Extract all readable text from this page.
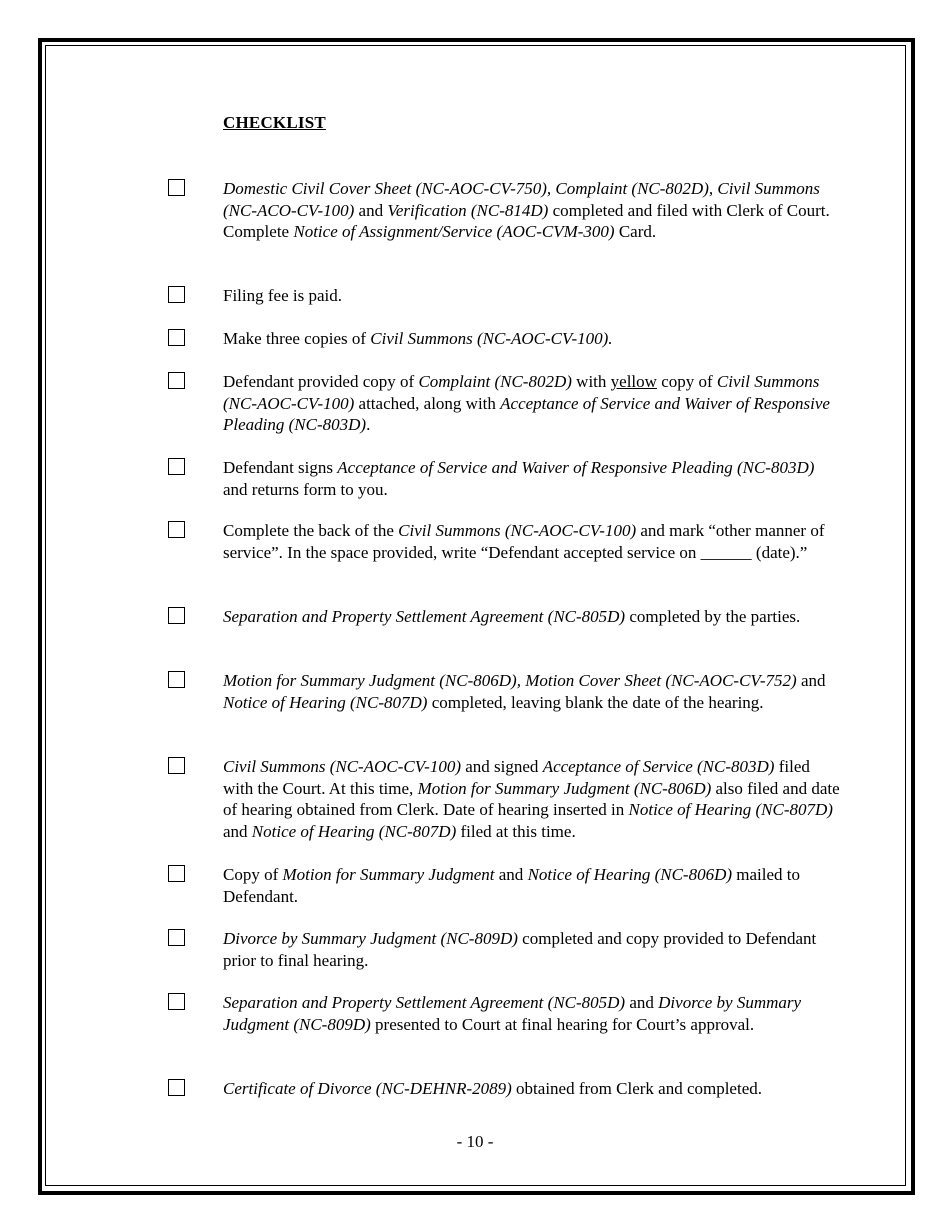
CHECKLIST
Domestic Civil Cover Sheet (NC-AOC-CV-750), Complaint (NC-802D), Civil Summons (NC-ACO-CV-100) and Verification (NC-814D) completed and filed with Clerk of Court. Complete Notice of Assignment/Service (AOC-CVM-300) Card.
Filing fee is paid.
Make three copies of Civil Summons (NC-AOC-CV-100).
Defendant provided copy of Complaint (NC-802D) with yellow copy of Civil Summons (NC-AOC-CV-100) attached, along with Acceptance of Service and Waiver of Responsive Pleading (NC-803D).
Defendant signs Acceptance of Service and Waiver of Responsive Pleading (NC-803D) and returns form to you.
Complete the back of the Civil Summons (NC-AOC-CV-100) and mark “other manner of service”. In the space provided, write “Defendant accepted service on ______ (date).”
Separation and Property Settlement Agreement (NC-805D) completed by the parties.
Motion for Summary Judgment (NC-806D), Motion Cover Sheet (NC-AOC-CV-752) and Notice of Hearing (NC-807D) completed, leaving blank the date of the hearing.
Civil Summons (NC-AOC-CV-100) and signed Acceptance of Service (NC-803D) filed with the Court. At this time, Motion for Summary Judgment (NC-806D) also filed and date of hearing obtained from Clerk. Date of hearing inserted in Notice of Hearing (NC-807D) and Notice of Hearing (NC-807D) filed at this time.
Copy of Motion for Summary Judgment and Notice of Hearing (NC-806D) mailed to Defendant.
Divorce by Summary Judgment (NC-809D) completed and copy provided to Defendant prior to final hearing.
Separation and Property Settlement Agreement (NC-805D) and Divorce by Summary Judgment (NC-809D) presented to Court at final hearing for Court’s approval.
Certificate of Divorce (NC-DEHNR-2089) obtained from Clerk and completed.
- 10 -
